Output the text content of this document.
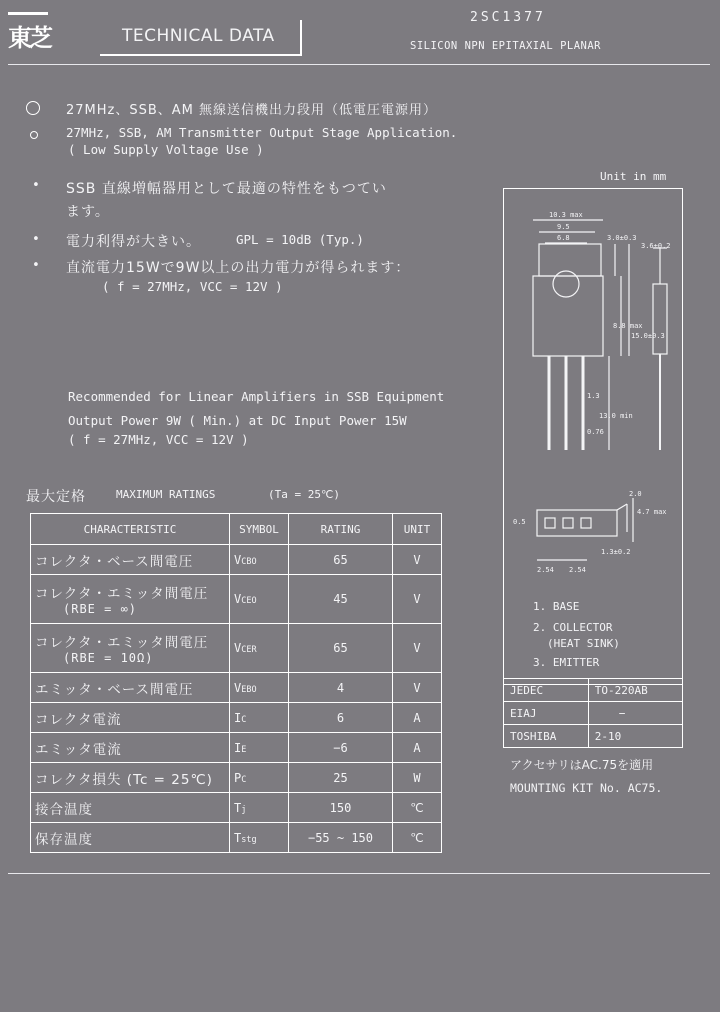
東芝	TECHNICAL DATA
2SC1377
SILICON NPN EPITAXIAL PLANAR
27MHz、SSB、AM 無線送信機出力段用（低電圧電源用）
27MHz, SSB, AM Transmitter Output Stage Application.
( Low Supply Voltage Use )
Unit in mm
• SSB 直線増幅器用として最適の特性をもつてい
ます。
• 電力利得が大きい。	GPL = 10dB (Typ.)
• 直流電力15Wで9W以上の出力電力が得られます：
( f = 27MHz, VCC = 12V )
Recommended for Linear Amplifiers in SSB Equipment
Output Power 9W ( Min.) at DC Input Power 15W
( f = 27MHz, VCC = 12V )
最大定格	MAXIMUM RATINGS	(Ta = 25℃)
CHARACTERISTIC	SYMBOL	RATING	UNIT
コレクタ・ベース間電圧	VCBO	65	V

コレクタ・エミッタ間電圧
(RBE = ∞)	VCEO	45	V

コレクタ・エミッタ間電圧
(RBE = 10Ω)	VCER	65	V
エミッタ・ベース間電圧	VEBO	4	V
コレクタ電流	IC	6	A
エミッタ電流	IE	−6	A
コレクタ損失 (Tc = 25℃)	PC	25	W
接合温度	Tj	150	℃
保存温度	Tstg	−55 ~ 150	℃
10.3 max
9.5
6.8	3.0±0.3
3.6±0.2
8.8 max
15.0±0.3
13.0 min
1.3
0.76
4.7 max
2.54 2.54
1.3±0.2
0.5
2.0
1. BASE
2. COLLECTOR
(HEAT SINK)
3. EMITTER
JEDEC	TO-220AB
EIAJ	−
TOSHIBA	2-10
アクセサリはAC.75を適用
MOUNTING KIT No. AC75.
